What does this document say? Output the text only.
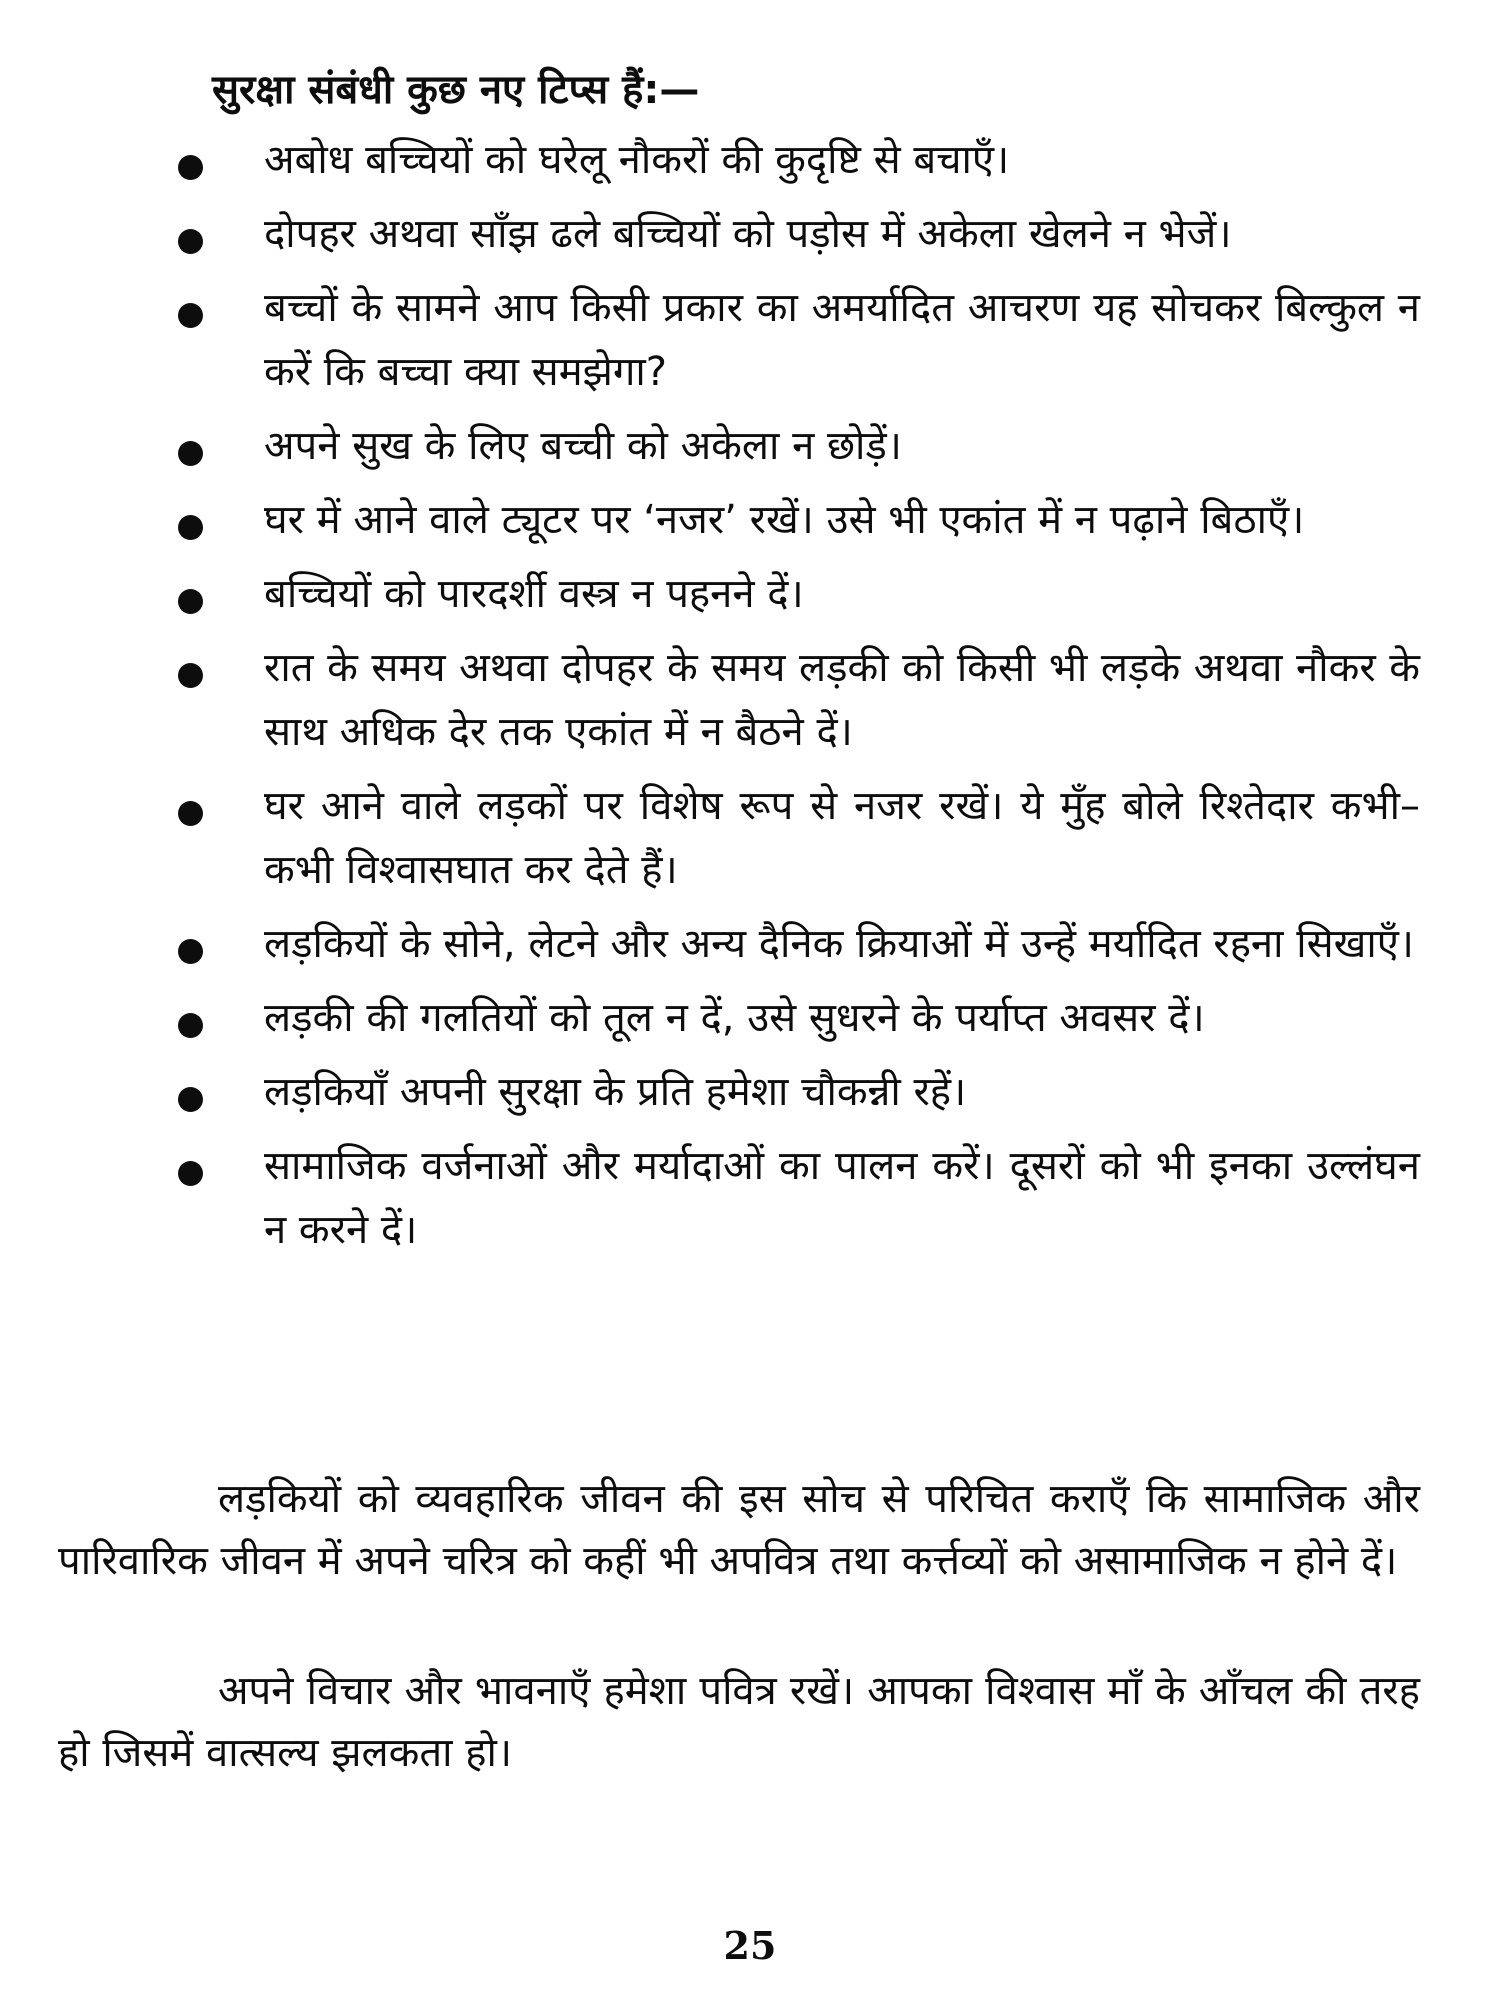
सुरक्षा संबंधी कुछ नए टिप्स हैं:—
अबोध बच्चियों को घरेलू नौकरों की कुदृष्टि से बचाएँ।
दोपहर अथवा साँझ ढले बच्चियों को पड़ोस में अकेला खेलने न भेजें।
बच्चों के सामने आप किसी प्रकार का अमर्यादित आचरण यह सोचकर बिल्कुल न करें कि बच्चा क्या समझेगा?
अपने सुख के लिए बच्ची को अकेला न छोड़ें।
घर में आने वाले ट्यूटर पर ‘नजर’ रखें। उसे भी एकांत में न पढ़ाने बिठाएँ।
बच्चियों को पारदर्शी वस्त्र न पहनने दें।
रात के समय अथवा दोपहर के समय लड़की को किसी भी लड़के अथवा नौकर के साथ अधिक देर तक एकांत में न बैठने दें।
घर आने वाले लड़कों पर विशेष रूप से नजर रखें। ये मुँह बोले रिश्तेदार कभी–कभी विश्वासघात कर देते हैं।
लड़कियों के सोने, लेटने और अन्य दैनिक क्रियाओं में उन्हें मर्यादित रहना सिखाएँ।
लड़की की गलतियों को तूल न दें, उसे सुधरने के पर्याप्त अवसर दें।
लड़कियाँ अपनी सुरक्षा के प्रति हमेशा चौकन्नी रहें।
सामाजिक वर्जनाओं और मर्यादाओं का पालन करें। दूसरों को भी इनका उल्लंघन न करने दें।

लड़कियों को व्यवहारिक जीवन की इस सोच से परिचित कराएँ कि सामाजिक और पारिवारिक जीवन में अपने चरित्र को कहीं भी अपवित्र तथा कर्त्तव्यों को असामाजिक न होने दें।

अपने विचार और भावनाएँ हमेशा पवित्र रखें। आपका विश्वास माँ के आँचल की तरह हो जिसमें वात्सल्य झलकता हो।

25
